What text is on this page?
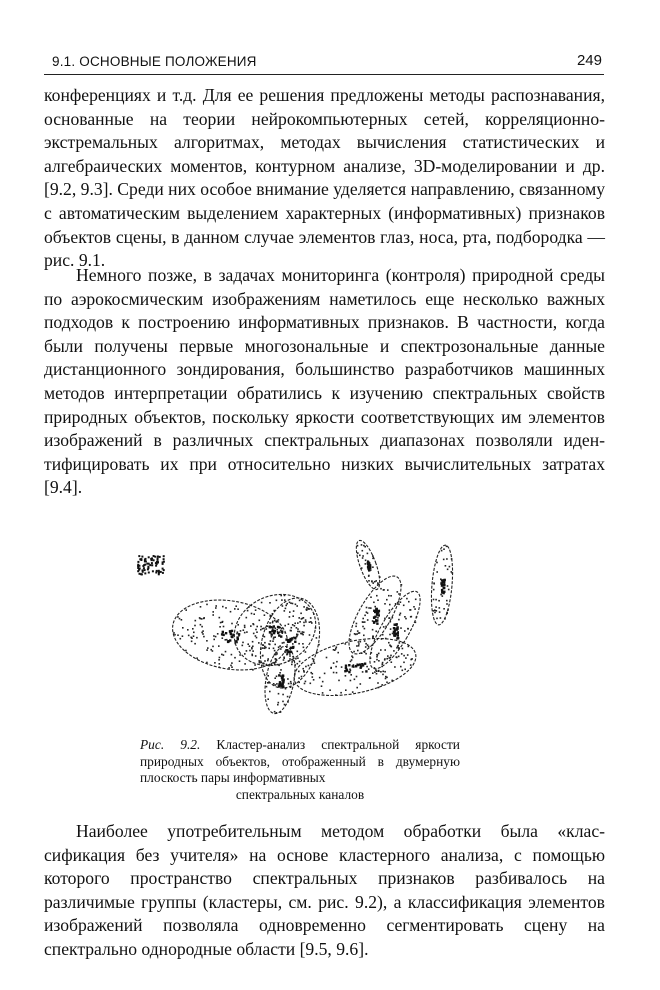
9.1. ОСНОВНЫЕ ПОЛОЖЕНИЯ	249

конференциях и т.д. Для ее решения предложены методы распознавания, основанные на теории нейрокомпьютерных сетей, корреляционно-экстремальных алгоритмах, методах вычисления статистических и алгебраических моментов, контурном анализе, 3D-моделировании и др. [9.2, 9.3]. Среди них особое внимание уделяется направлению, связанному с автоматическим выделением характерных (информативных) признаков объектов сцены, в данном случае элементов глаз, носа, рта, подбородка — рис. 9.1.

Немного позже, в задачах мониторинга (контроля) природной среды по аэрокосмическим изображениям наметилось еще несколько важных подходов к построению информативных признаков. В частности, когда были получены первые многозональные и спектрозональные данные дистанционного зондирования, большинство разработчиков машинных методов интерпретации обратились к изучению спектральных свойств природных объектов, поскольку яркости соответствующих им элементов изображений в различных спектральных диапазонах позволяли идентифицировать их при относительно низких вычислительных затратах [9.4].

Рис. 9.2. Кластер-анализ спектральной яркости природных объектов, отображенный в двумерную плоскость пары информативных
спектральных каналов

Наиболее употребительным методом обработки была «классификация без учителя» на основе кластерного анализа, с помощью которого пространство спектральных признаков разбивалось на различимые группы (кластеры, см. рис. 9.2), а классификация элементов изображений позволяла одновременно сегментировать сцену на спектрально однородные области [9.5, 9.6].
